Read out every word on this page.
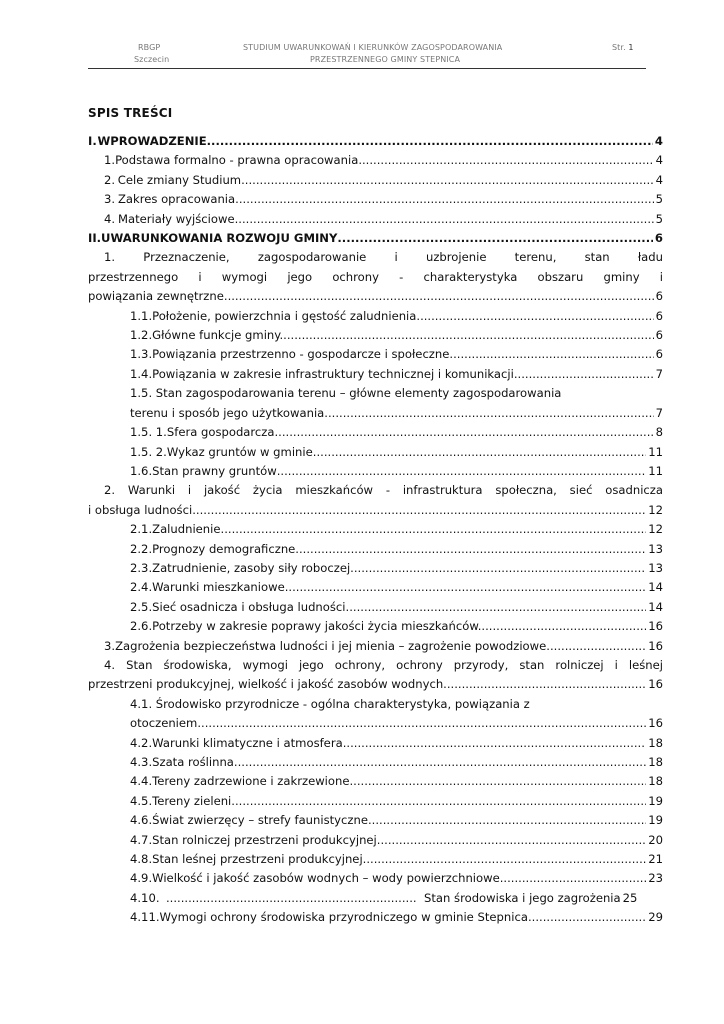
RBGP
Szczecin
STUDIUM UWARUNKOWAŃ I KIERUNKÓW ZAGOSPODAROWANIA
PRZESTRZENNEGO GMINY STEPNICA
Str. 1
SPIS TREŚCI
I. WPROWADZENIE .....	4
1. Podstawa formalno - prawna opracowania .....	4
2. Cele zmiany Studium .....	4
3. Zakres opracowania .....	5
4. Materiały wyjściowe .....	5
II. UWARUNKOWANIA ROZWOJU GMINY .....	6
1. Przeznaczenie, zagospodarowanie i uzbrojenie terenu, stan ładu
przestrzennego i wymogi jego ochrony - charakterystyka obszaru gminy i
powiązania zewnętrzne. .....	6
1.1. Położenie, powierzchnia i gęstość zaludnienia. .....	6
1.2. Główne funkcje gminy. .....	6
1.3. Powiązania przestrzenno - gospodarcze i społeczne. .....	6
1.4. Powiązania w zakresie infrastruktury technicznej i komunikacji. .....	7
1.5. Stan zagospodarowania terenu – główne elementy zagospodarowania
terenu i sposób jego użytkowania. .....	7
1.5. 1. Sfera gospodarcza .....	8
1.5. 2. Wykaz gruntów w gminie .....	11
1.6. Stan prawny gruntów .....	11
2. Warunki i jakość życia mieszkańców - infrastruktura społeczna, sieć osadnicza
i obsługa ludności. .....	12
2.1. Zaludnienie. .....	12
2.2. Prognozy demograficzne. .....	13
2.3. Zatrudnienie, zasoby siły roboczej. .....	13
2.4. Warunki mieszkaniowe. .....	14
2.5. Sieć osadnicza i obsługa ludności. .....	14
2.6. Potrzeby w zakresie poprawy jakości życia mieszkańców. .....	16
3. Zagrożenia bezpieczeństwa ludności i jej mienia – zagrożenie powodziowe .....	16
4. Stan środowiska, wymogi jego ochrony, ochrony przyrody, stan rolniczej i leśnej
przestrzeni produkcyjnej, wielkość i jakość zasobów wodnych. .....	16
4.1. Środowisko przyrodnicze - ogólna charakterystyka, powiązania z
otoczeniem .....	16
4.2. Warunki klimatyczne i atmosfera. .....	18
4.3. Szata roślinna. .....	18
4.4. Tereny zadrzewione i zakrzewione .....	18
4.5. Tereny zieleni. .....	19
4.6. Świat zwierzęcy – strefy faunistyczne .....	19
4.7. Stan rolniczej przestrzeni produkcyjnej. .....	20
4.8. Stan leśnej przestrzeni produkcyjnej. .....	21
4.9. Wielkość i jakość zasobów wodnych – wody powierzchniowe .....	23
4.10. .....	Stan środowiska i jego zagrożenia 25
4.11. Wymogi ochrony środowiska przyrodniczego w gminie Stepnica .....	29
